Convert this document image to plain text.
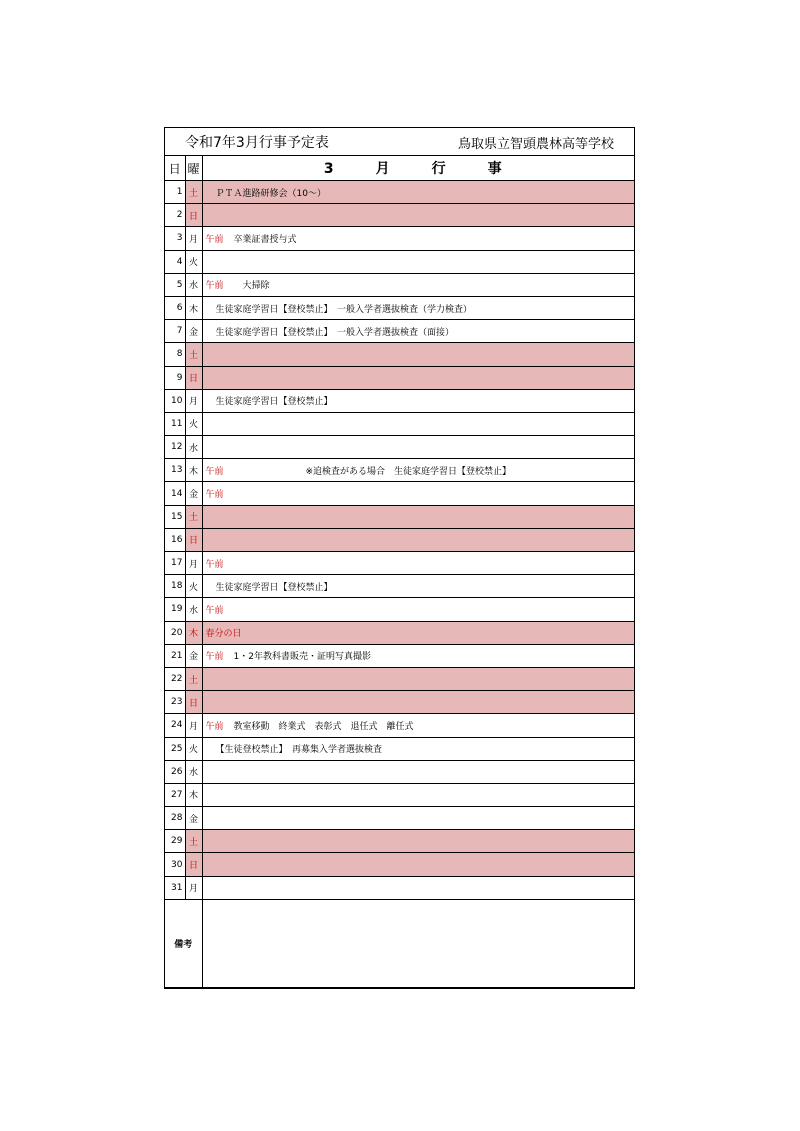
令和7年3月行事予定表	鳥取県立智頭農林高等学校
日	曜	3　月　行　事
1	土	ＰＴＡ進路研修会（10～）
2	日	
3	月	午前 卒業証書授与式
4	火	
5	水	午前　大掃除
6	木	生徒家庭学習日【登校禁止】　一般入学者選抜検査（学力検査）
7	金	生徒家庭学習日【登校禁止】　一般入学者選抜検査（面接）
8	土	
9	日	
10	月	生徒家庭学習日【登校禁止】
11	火	
12	水	
13	木	午前　　　　　　　　※追検査がある場合　生徒家庭学習日【登校禁止】
14	金	午前
15	土	
16	日	
17	月	午前
18	火	生徒家庭学習日【登校禁止】
19	水	午前
20	木	春分の日
21	金	午前 1・2年教科書販売・証明写真撮影
22	土	
23	日	
24	月	午前 教室移動　終業式　表彰式　退任式　離任式
25	火	【生徒登校禁止】　再募集入学者選抜検査
26	水	
27	木	
28	金	
29	土	
30	日	
31	月	
備考		
